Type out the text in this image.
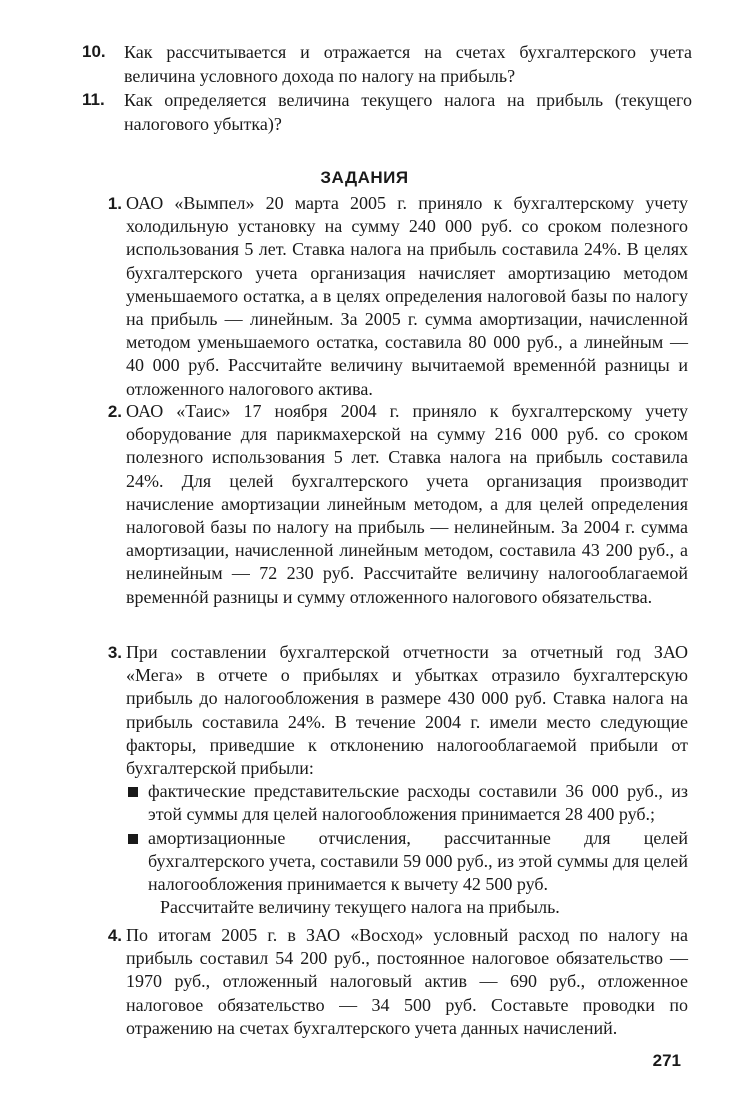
10.	Как рассчитывается и отражается на счетах бухгалтерского учета величина условного дохода по налогу на прибыль?
11.	Как определяется величина текущего налога на прибыль (текущего налогового убытка)?
ЗАДАНИЯ
1. ОАО «Вымпел» 20 марта 2005 г. приняло к бухгалтерскому учету холодильную установку на сумму 240 000 руб. со сроком полезного использования 5 лет. Ставка налога на прибыль составила 24%. В целях бухгалтерского учета организация начисляет амортизацию методом уменьшаемого остатка, а в целях определения налоговой базы по налогу на прибыль — линейным. За 2005 г. сумма амортизации, начисленной методом уменьшаемого остатка, составила 80 000 руб., а линейным — 40 000 руб. Рассчитайте величину вычитаемой временнóй разницы и отложенного налогового актива.
2. ОАО «Таис» 17 ноября 2004 г. приняло к бухгалтерскому учету оборудование для парикмахерской на сумму 216 000 руб. со сроком полезного использования 5 лет. Ставка налога на прибыль составила 24%. Для целей бухгалтерского учета организация производит начисление амортизации линейным методом, а для целей определения налоговой базы по налогу на прибыль — нелинейным. За 2004 г. сумма амортизации, начисленной линейным методом, составила 43 200 руб., а нелинейным — 72 230 руб. Рассчитайте величину налогооблагаемой временнóй разницы и сумму отложенного налогового обязательства.
3. При составлении бухгалтерской отчетности за отчетный год ЗАО «Мега» в отчете о прибылях и убытках отразило бухгалтерскую прибыль до налогообложения в размере 430 000 руб. Ставка налога на прибыль составила 24%. В течение 2004 г. имели место следующие факторы, приведшие к отклонению налогооблагаемой прибыли от бухгалтерской прибыли:

фактические представительские расходы составили 36 000 руб., из этой суммы для целей налогообложения принимается 28 400 руб.;
амортизационные отчисления, рассчитанные для целей бухгалтерского учета, составили 59 000 руб., из этой суммы для целей налогообложения принимается к вычету 42 500 руб.

Рассчитайте величину текущего налога на прибыль.

4. По итогам 2005 г. в ЗАО «Восход» условный расход по налогу на прибыль составил 54 200 руб., постоянное налоговое обязательство — 1970 руб., отложенный налоговый актив — 690 руб., отложенное налоговое обязательство — 34 500 руб. Составьте проводки по отражению на счетах бухгалтерского учета данных начислений.
271
